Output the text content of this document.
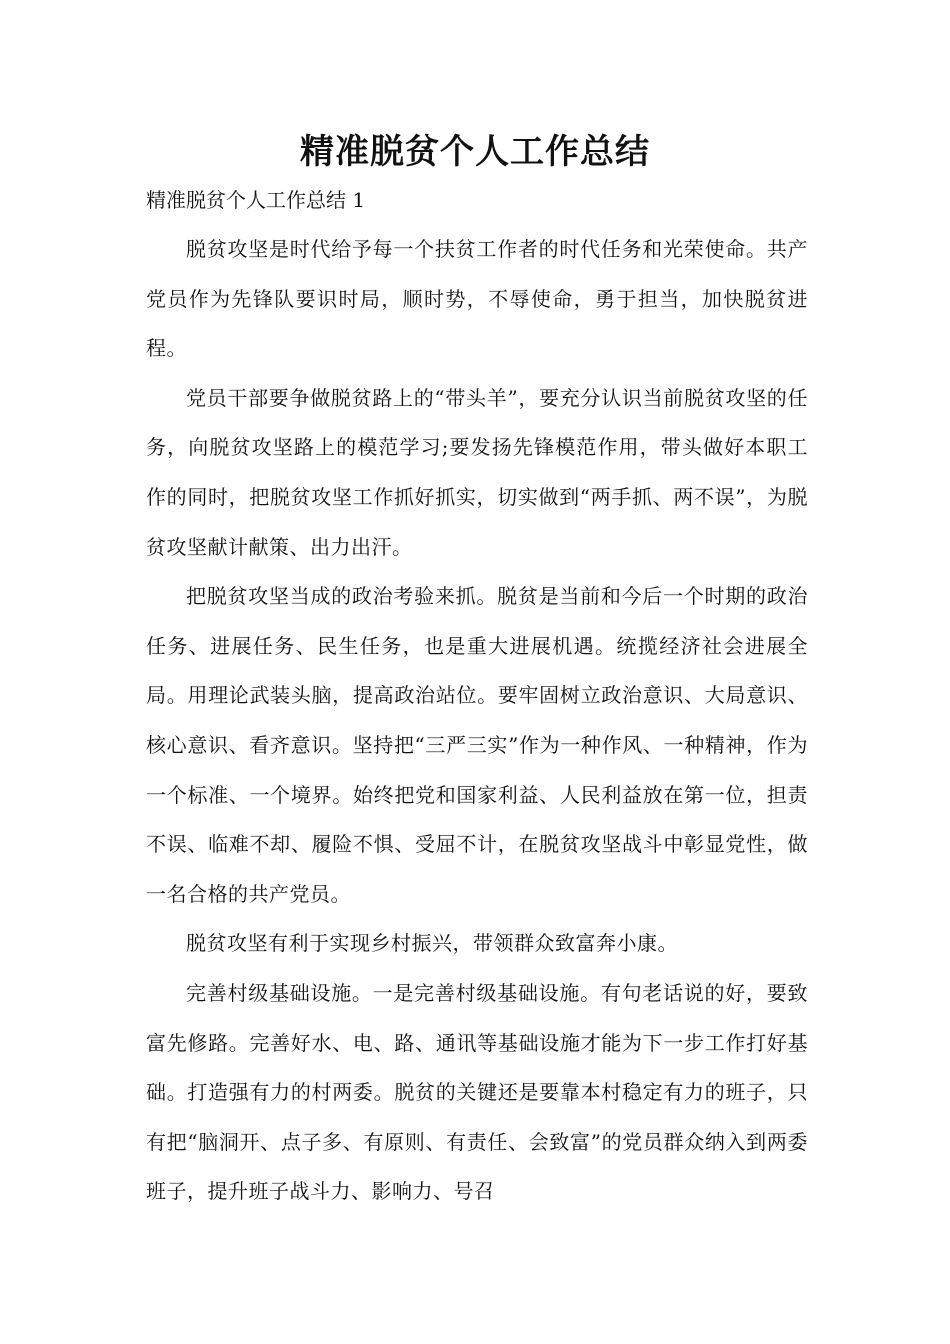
精准脱贫个人工作总结

精准脱贫个人工作总结 1

脱贫攻坚是时代给予每一个扶贫工作者的时代任务和光荣使命。共产党员作为先锋队要识时局，顺时势，不辱使命，勇于担当，加快脱贫进程。

党员干部要争做脱贫路上的“带头羊”，要充分认识当前脱贫攻坚的任务，向脱贫攻坚路上的模范学习;要发扬先锋模范作用，带头做好本职工作的同时，把脱贫攻坚工作抓好抓实，切实做到“两手抓、两不误”，为脱贫攻坚献计献策、出力出汗。

把脱贫攻坚当成的政治考验来抓。脱贫是当前和今后一个时期的政治任务、进展任务、民生任务，也是重大进展机遇。统揽经济社会进展全局。用理论武装头脑，提高政治站位。要牢固树立政治意识、大局意识、核心意识、看齐意识。坚持把“三严三实”作为一种作风、一种精神，作为一个标准、一个境界。始终把党和国家利益、人民利益放在第一位，担责不误、临难不却、履险不惧、受屈不计，在脱贫攻坚战斗中彰显党性，做一名合格的共产党员。

脱贫攻坚有利于实现乡村振兴，带领群众致富奔小康。

完善村级基础设施。一是完善村级基础设施。有句老话说的好，要致富先修路。完善好水、电、路、通讯等基础设施才能为下一步工作打好基础。打造强有力的村两委。脱贫的关键还是要靠本村稳定有力的班子，只有把“脑洞开、点子多、有原则、有责任、会致富”的党员群众纳入到两委班子，提升班子战斗力、影响力、号召
